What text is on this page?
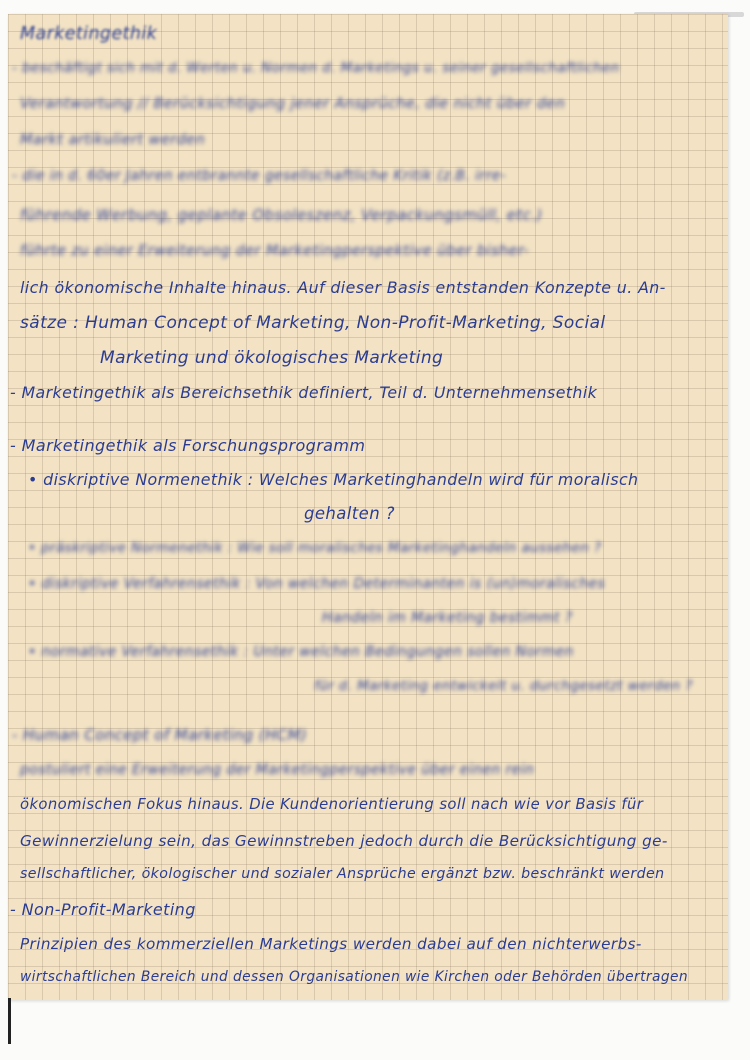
Marketingethik
- beschäftigt sich mit d. Werten u. Normen d. Marketings u. seiner gesellschaftlichen
Verantwortung // Berücksichtigung jener Ansprüche, die nicht über den
Markt artikuliert werden
- die in d. 60er Jahren entbrannte gesellschaftliche Kritik (z.B. irre-
führende Werbung, geplante Obsoleszenz, Verpackungsmüll, etc.)
führte zu einer Erweiterung der Marketingperspektive über bisher-
lich ökonomische Inhalte hinaus. Auf dieser Basis entstanden Konzepte u. An-
sätze : Human Concept of Marketing, Non-Profit-Marketing, Social
Marketing und ökologisches Marketing
- Marketingethik als Bereichsethik definiert, Teil d. Unternehmensethik
- Marketingethik als Forschungsprogramm
• diskriptive Normenethik : Welches Marketinghandeln wird für moralisch
gehalten ?
• präskriptive Normenethik : Wie soll moralisches Marketinghandeln aussehen ?
• diskriptive Verfahrensethik : Von welchen Determinanten is (un)moralisches
Handeln im Marketing bestimmt ?
• normative Verfahrensethik : Unter welchen Bedingungen sollen Normen
für d. Marketing entwickelt u. durchgesetzt werden ?
- Human Concept of Marketing (HCM)
postuliert eine Erweiterung der Marketingperspektive über einen rein
ökonomischen Fokus hinaus. Die Kundenorientierung soll nach wie vor Basis für
Gewinnerzielung sein, das Gewinnstreben jedoch durch die Berücksichtigung ge-
sellschaftlicher, ökologischer und sozialer Ansprüche ergänzt bzw. beschränkt werden
- Non-Profit-Marketing
Prinzipien des kommerziellen Marketings werden dabei auf den nichterwerbs-
wirtschaftlichen Bereich und dessen Organisationen wie Kirchen oder Behörden übertragen
